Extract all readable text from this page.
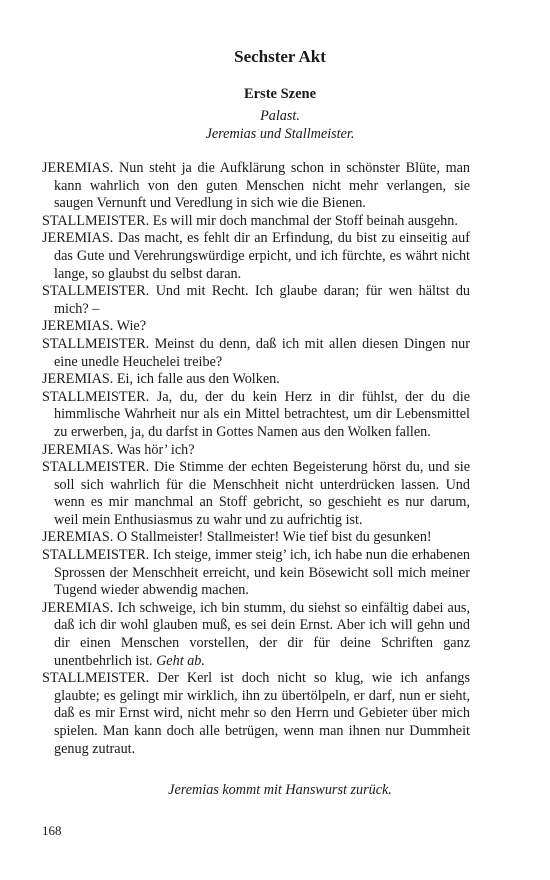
Sechster Akt
Erste Szene
Palast.
Jeremias und Stallmeister.

JEREMIAS. Nun steht ja die Aufklärung schon in schönster Blüte, man kann wahrlich von den guten Menschen nicht mehr verlangen, sie saugen Vernunft und Veredlung in sich wie die Bienen.

STALLMEISTER. Es will mir doch manchmal der Stoff beinah ausgehn.

JEREMIAS. Das macht, es fehlt dir an Erfindung, du bist zu einseitig auf das Gute und Verehrungswürdige erpicht, und ich fürchte, es währt nicht lange, so glaubst du selbst daran.

STALLMEISTER. Und mit Recht. Ich glaube daran; für wen hältst du mich? –

JEREMIAS. Wie?

STALLMEISTER. Meinst du denn, daß ich mit allen diesen Dingen nur eine unedle Heuchelei treibe?

JEREMIAS. Ei, ich falle aus den Wolken.

STALLMEISTER. Ja, du, der du kein Herz in dir fühlst, der du die himmlische Wahrheit nur als ein Mittel betrachtest, um dir Lebensmittel zu erwerben, ja, du darfst in Gottes Namen aus den Wolken fallen.

JEREMIAS. Was hör’ ich?

STALLMEISTER. Die Stimme der echten Begeisterung hörst du, und sie soll sich wahrlich für die Menschheit nicht unterdrücken lassen. Und wenn es mir manchmal an Stoff gebricht, so geschieht es nur darum, weil mein Enthusiasmus zu wahr und zu aufrichtig ist.

JEREMIAS. O Stallmeister! Stallmeister! Wie tief bist du gesunken!

STALLMEISTER. Ich steige, immer steig’ ich, ich habe nun die erhabenen Sprossen der Menschheit erreicht, und kein Bösewicht soll mich meiner Tugend wieder abwendig machen.

JEREMIAS. Ich schweige, ich bin stumm, du siehst so einfältig dabei aus, daß ich dir wohl glauben muß, es sei dein Ernst. Aber ich will gehn und dir einen Menschen vorstellen, der dir für deine Schriften ganz unentbehrlich ist. Geht ab.

STALLMEISTER. Der Kerl ist doch nicht so klug, wie ich anfangs glaubte; es gelingt mir wirklich, ihn zu übertölpeln, er darf, nun er sieht, daß es mir Ernst wird, nicht mehr so den Herrn und Gebieter über mich spielen. Man kann doch alle betrügen, wenn man ihnen nur Dummheit genug zutraut.

Jeremias kommt mit Hanswurst zurück.
168
